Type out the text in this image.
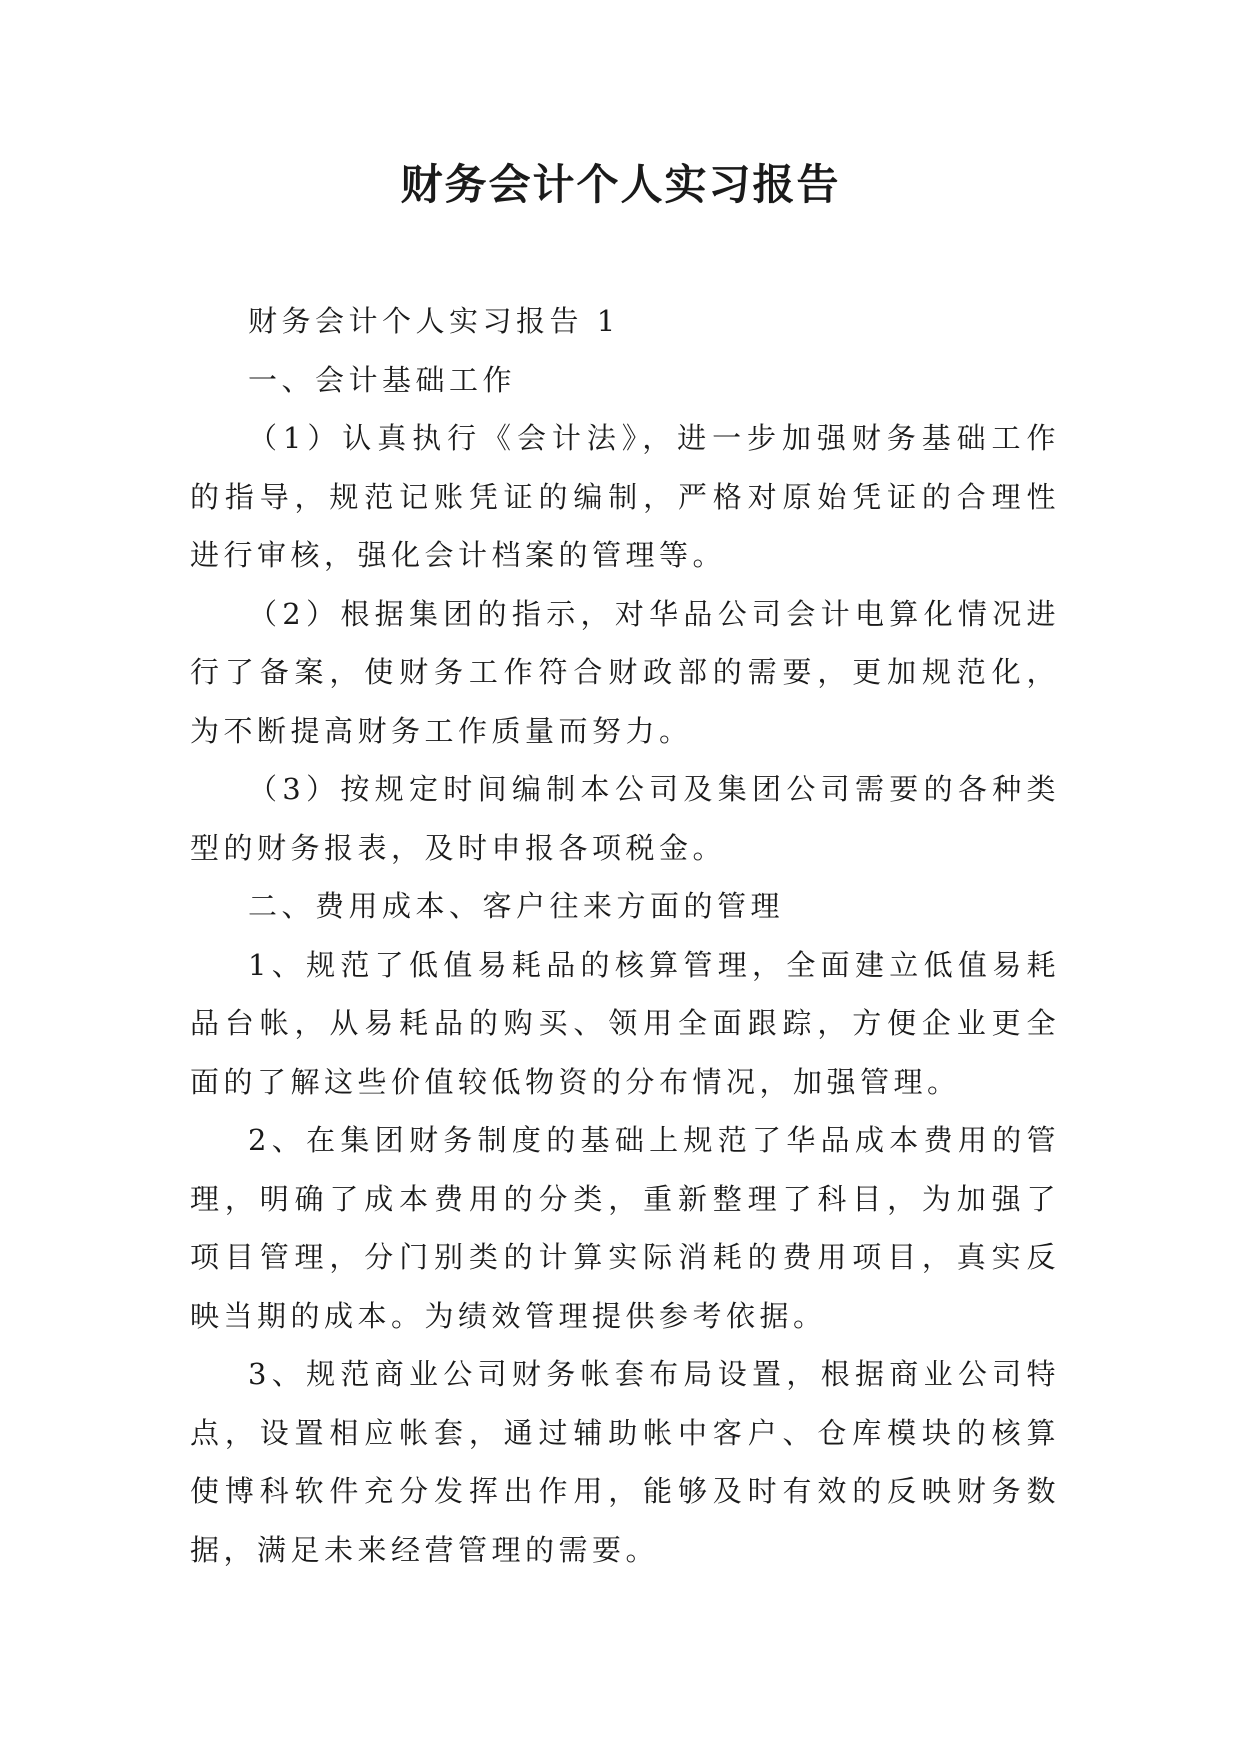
财务会计个人实习报告

财务会计个人实习报告 1

一、会计基础工作

（1）认真执行《会计法》，进一步加强财务基础工作的指导，规范记账凭证的编制，严格对原始凭证的合理性进行审核，强化会计档案的管理等。

（2）根据集团的指示，对华品公司会计电算化情况进行了备案，使财务工作符合财政部的需要，更加规范化，为不断提高财务工作质量而努力。

（3）按规定时间编制本公司及集团公司需要的各种类型的财务报表，及时申报各项税金。

二、费用成本、客户往来方面的管理

1、规范了低值易耗品的核算管理，全面建立低值易耗品台帐，从易耗品的购买、领用全面跟踪，方便企业更全面的了解这些价值较低物资的分布情况，加强管理。

2、在集团财务制度的基础上规范了华品成本费用的管理，明确了成本费用的分类，重新整理了科目，为加强了项目管理，分门别类的计算实际消耗的费用项目，真实反映当期的成本。为绩效管理提供参考依据。

3、规范商业公司财务帐套布局设置，根据商业公司特点，设置相应帐套，通过辅助帐中客户、仓库模块的核算使博科软件充分发挥出作用，能够及时有效的反映财务数据，满足未来经营管理的需要。
